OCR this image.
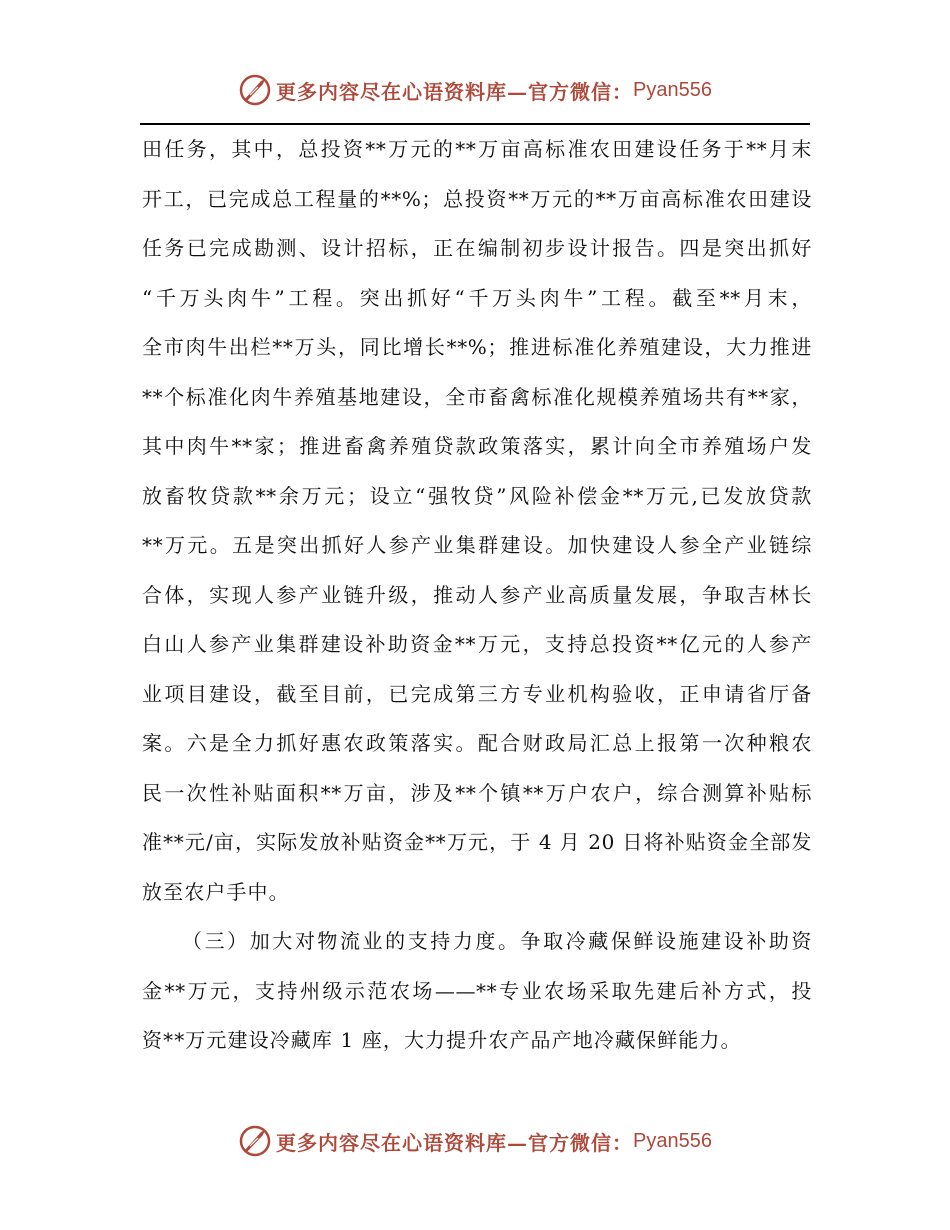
更多内容尽在心语资料库—官方微信： Pyan556
田任务，其中，总投资**万元的**万亩高标准农田建设任务于**月末
开工，已完成总工程量的**%；总投资**万元的**万亩高标准农田建设
任务已完成勘测、设计招标，正在编制初步设计报告。四是突出抓好
“千万头肉牛”工程。突出抓好“千万头肉牛”工程。截至**月末，
全市肉牛出栏**万头，同比增长**%；推进标准化养殖建设，大力推进
**个标准化肉牛养殖基地建设，全市畜禽标准化规模养殖场共有**家，
其中肉牛**家；推进畜禽养殖贷款政策落实，累计向全市养殖场户发
放畜牧贷款**余万元；设立“强牧贷”风险补偿金**万元,已发放贷款
**万元。五是突出抓好人参产业集群建设。加快建设人参全产业链综
合体，实现人参产业链升级，推动人参产业高质量发展，争取吉林长
白山人参产业集群建设补助资金**万元，支持总投资**亿元的人参产
业项目建设，截至目前，已完成第三方专业机构验收，正申请省厅备
案。六是全力抓好惠农政策落实。配合财政局汇总上报第一次种粮农
民一次性补贴面积**万亩，涉及**个镇**万户农户，综合测算补贴标
准**元/亩，实际发放补贴资金**万元，于 4 月 20 日将补贴资金全部发
放至农户手中。
（三）加大对物流业的支持力度。争取冷藏保鲜设施建设补助资
金**万元，支持州级示范农场——**专业农场采取先建后补方式，投
资**万元建设冷藏库 1 座，大力提升农产品产地冷藏保鲜能力。
更多内容尽在心语资料库—官方微信： Pyan556
